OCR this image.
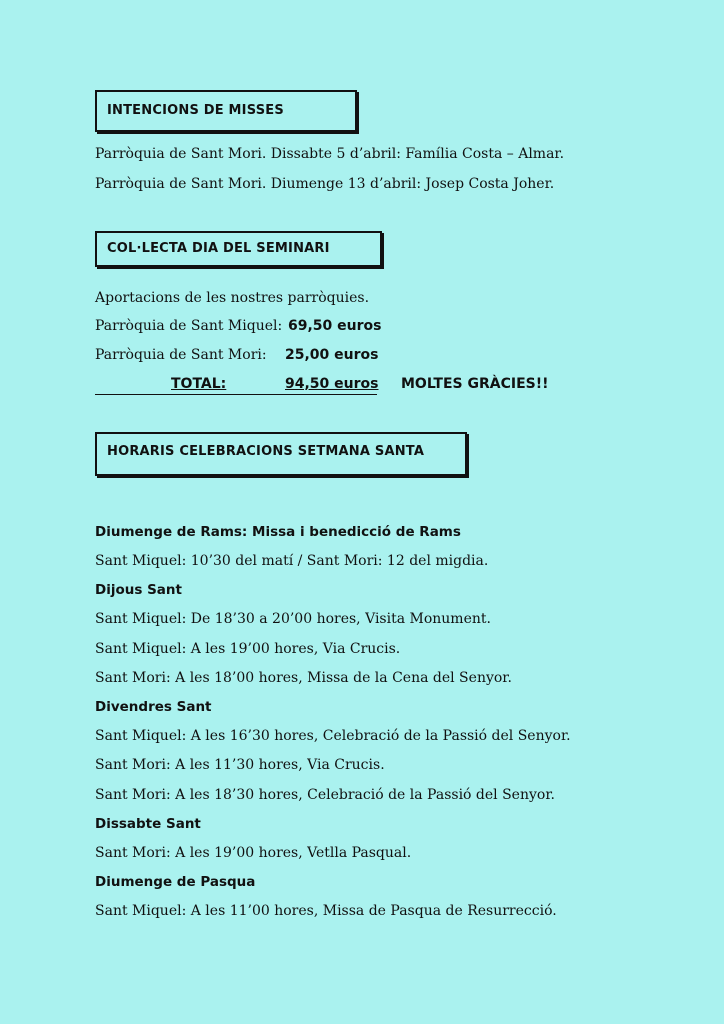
INTENCIONS DE MISSES
Parròquia de Sant Mori. Dissabte 5 d’abril: Família Costa – Almar.
Parròquia de Sant Mori. Diumenge 13 d’abril: Josep Costa Joher.
COL·LECTA DIA DEL SEMINARI
Aportacions de les nostres parròquies.
Parròquia de Sant Miquel: 69,50 euros
Parròquia de Sant Mori: 25,00 euros
TOTAL:	94,50 euros MOLTES GRÀCIES!!
HORARIS CELEBRACIONS SETMANA SANTA
Diumenge de Rams: Missa i benedicció de Rams
Sant Miquel: 10’30 del matí / Sant Mori: 12 del migdia.
Dijous Sant
Sant Miquel: De 18’30 a 20’00 hores, Visita Monument.
Sant Miquel: A les 19’00 hores, Via Crucis.
Sant Mori: A les 18’00 hores, Missa de la Cena del Senyor.
Divendres Sant
Sant Miquel: A les 16’30 hores, Celebració de la Passió del Senyor.
Sant Mori: A les 11’30 hores, Via Crucis.
Sant Mori: A les 18’30 hores, Celebració de la Passió del Senyor.
Dissabte Sant
Sant Mori: A les 19’00 hores, Vetlla Pasqual.
Diumenge de Pasqua
Sant Miquel: A les 11’00 hores, Missa de Pasqua de Resurrecció.
